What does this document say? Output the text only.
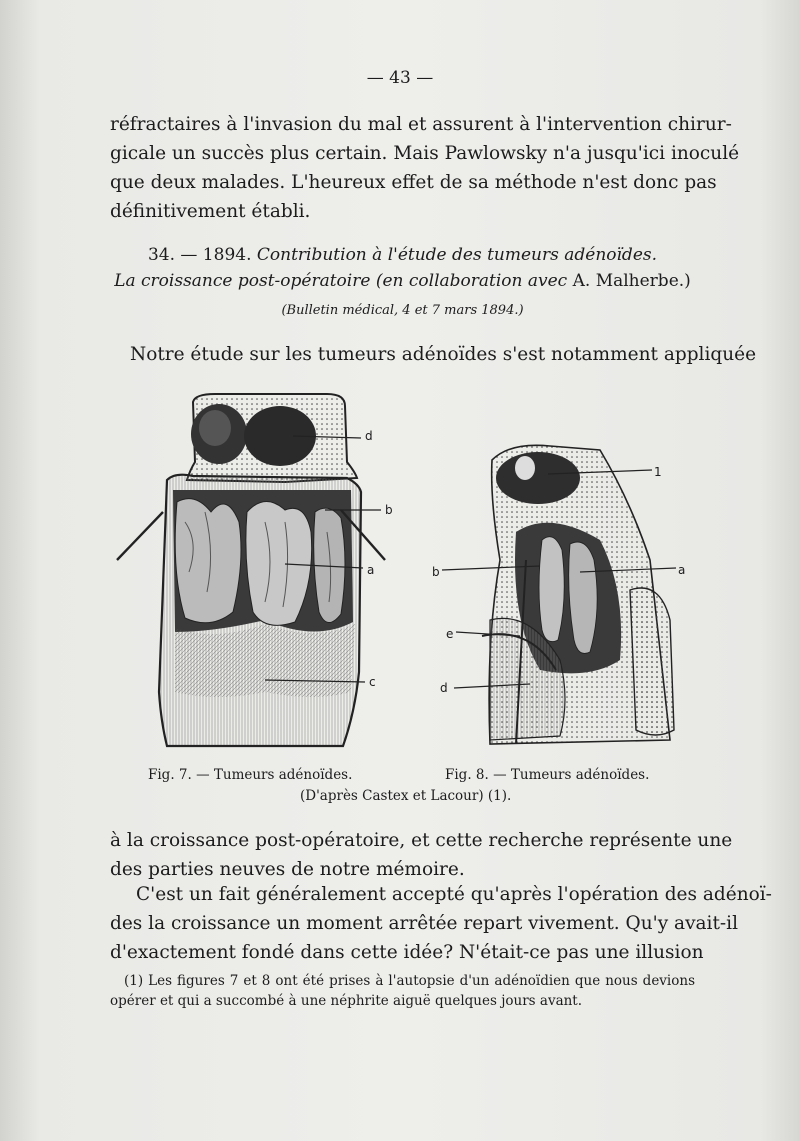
— 43 —
réfractaires à l'invasion du mal et assurent à l'intervention chirur-
gicale un succès plus certain. Mais Pawlowsky n'a jusqu'ici inoculé
que deux malades. L'heureux effet de sa méthode n'est donc pas
définitivement établi.
34. — 1894. Contribution à l'étude des tumeurs adénoïdes.
La croissance post-opératoire (en collaboration avec A. Malherbe.)
(Bulletin médical, 4 et 7 mars 1894.)
Notre étude sur les tumeurs adénoïdes s'est notamment appliquée
d
b
a
c
1
b	a
e
d
Fig. 7. — Tumeurs adénoïdes.	Fig. 8. — Tumeurs adénoïdes.
(D'après Castex et Lacour) (1).
à la croissance post-opératoire, et cette recherche représente une
des parties neuves de notre mémoire.
C'est un fait généralement accepté qu'après l'opération des adénoï-
des la croissance un moment arrêtée repart vivement. Qu'y avait-il
d'exactement fondé dans cette idée? N'était-ce pas une illusion
(1) Les figures 7 et 8 ont été prises à l'autopsie d'un adénoïdien que nous devions
opérer et qui a succombé à une néphrite aiguë quelques jours avant.
